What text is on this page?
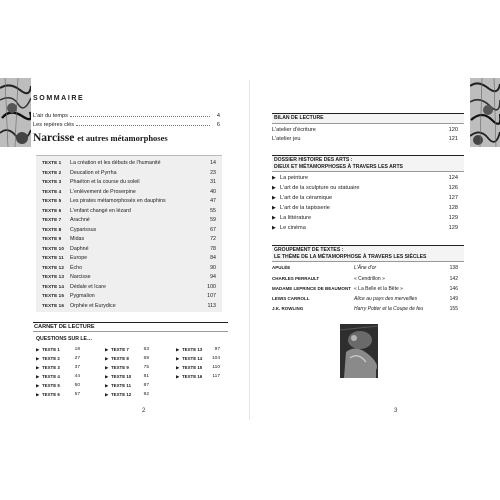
SOMMAIRE
L'air du temps	4
Les repères clés	6
Narcisse et autres métamorphoses
TEXTE 1	La création et les débuts de l'humanité	14
TEXTE 2	Deucalion et Pyrrha	23
TEXTE 3	Phaéton et la course du soleil	31
TEXTE 4	L'enlèvement de Proserpine	40
TEXTE 5	Les pirates métamorphosés en dauphins	47
TEXTE 6	L'enfant changé en lézard	55
TEXTE 7	Arachné	59
TEXTE 8	Cyparissus	67
TEXTE 9	Midas	72
TEXTE 10	Daphné	78
TEXTE 11	Europe	84
TEXTE 12	Écho	90
TEXTE 13	Narcisse	94
TEXTE 14	Dédale et Icare	100
TEXTE 15	Pygmalion	107
TEXTE 16	Orphée et Eurydice	113
CARNET DE LECTURE
QUESTIONS SUR LE…
▶ TEXTE 1	18
▶ TEXTE 2	27
▶ TEXTE 3	37
▶ TEXTE 4	44
▶ TEXTE 5	50
▶ TEXTE 6	57
▶ TEXTE 7	63
▶ TEXTE 8	69
▶ TEXTE 9	75
▶ TEXTE 10	81
▶ TEXTE 11	87
▶ TEXTE 12	92
▶ TEXTE 13	97
▶ TEXTE 14	104
▶ TEXTE 15	110
▶ TEXTE 16	117
2
BILAN DE LECTURE
L'atelier d'écriture	120
L'atelier jeu	121
DOSSIER HISTOIRE DES ARTS :
DIEUX ET MÉTAMORPHOSES À TRAVERS LES ARTS
▶ La peinture	124
▶ L'art de la sculpture ou statuaire	126
▶ L'art de la céramique	127
▶ L'art de la tapisserie	128
▶ La littérature	129
▶ Le cinéma	129
GROUPEMENT DE TEXTES :
LE THÈME DE LA MÉTAMORPHOSE À TRAVERS LES SIÈCLES
APULÉE	L'Âne d'or	138
CHARLES PERRAULT	« Cendrillon »	142
MADAME LEPRINCE DE BEAUMONT « La Belle et la Bête »	146
LEWIS CARROLL	Alice au pays des merveilles	149
J.K. ROWLING	Harry Potter et la Coupe de feu	155
3
